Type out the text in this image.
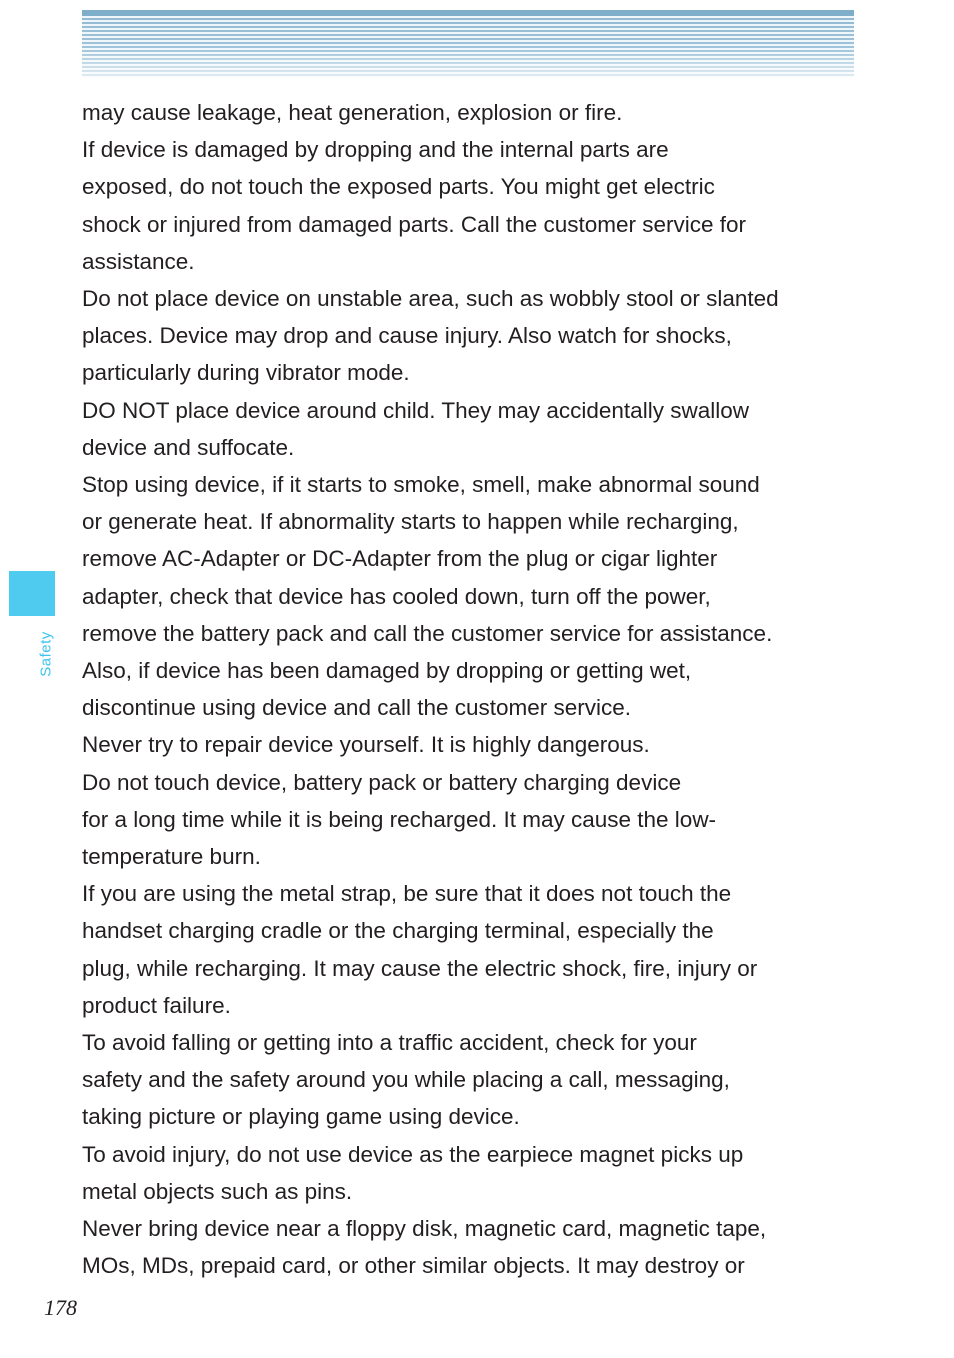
Safety
may cause leakage, heat generation, explosion or fire.
If device is damaged by dropping and the internal parts are
exposed, do not touch the exposed parts. You might get electric
shock or injured from damaged parts. Call the customer service for
assistance.
Do not place device on unstable area, such as wobbly stool or slanted
places. Device may drop and cause injury. Also watch for shocks,
particularly during vibrator mode.
DO NOT place device around child. They may accidentally swallow
device and suffocate.
Stop using device, if it starts to smoke, smell, make abnormal sound
or generate heat. If abnormality starts to happen while recharging,
remove AC-Adapter or DC-Adapter from the plug or cigar lighter
adapter, check that device has cooled down, turn off the power,
remove the battery pack and call the customer service for assistance.
Also, if device has been damaged by dropping or getting wet,
discontinue using device and call the customer service.
Never try to repair device yourself. It is highly dangerous.
Do not touch device, battery pack or battery charging device
for a long time while it is being recharged. It may cause the low-
temperature burn.
If you are using the metal strap, be sure that it does not touch the
handset charging cradle or the charging terminal, especially the
plug, while recharging. It may cause the electric shock, fire, injury or
product failure.
To avoid falling or getting into a traffic accident, check for your
safety and the safety around you while placing a call, messaging,
taking picture or playing game using device.
To avoid injury, do not use device as the earpiece magnet picks up
metal objects such as pins.
Never bring device near a floppy disk, magnetic card, magnetic tape,
MOs, MDs, prepaid card, or other similar objects. It may destroy or
178
